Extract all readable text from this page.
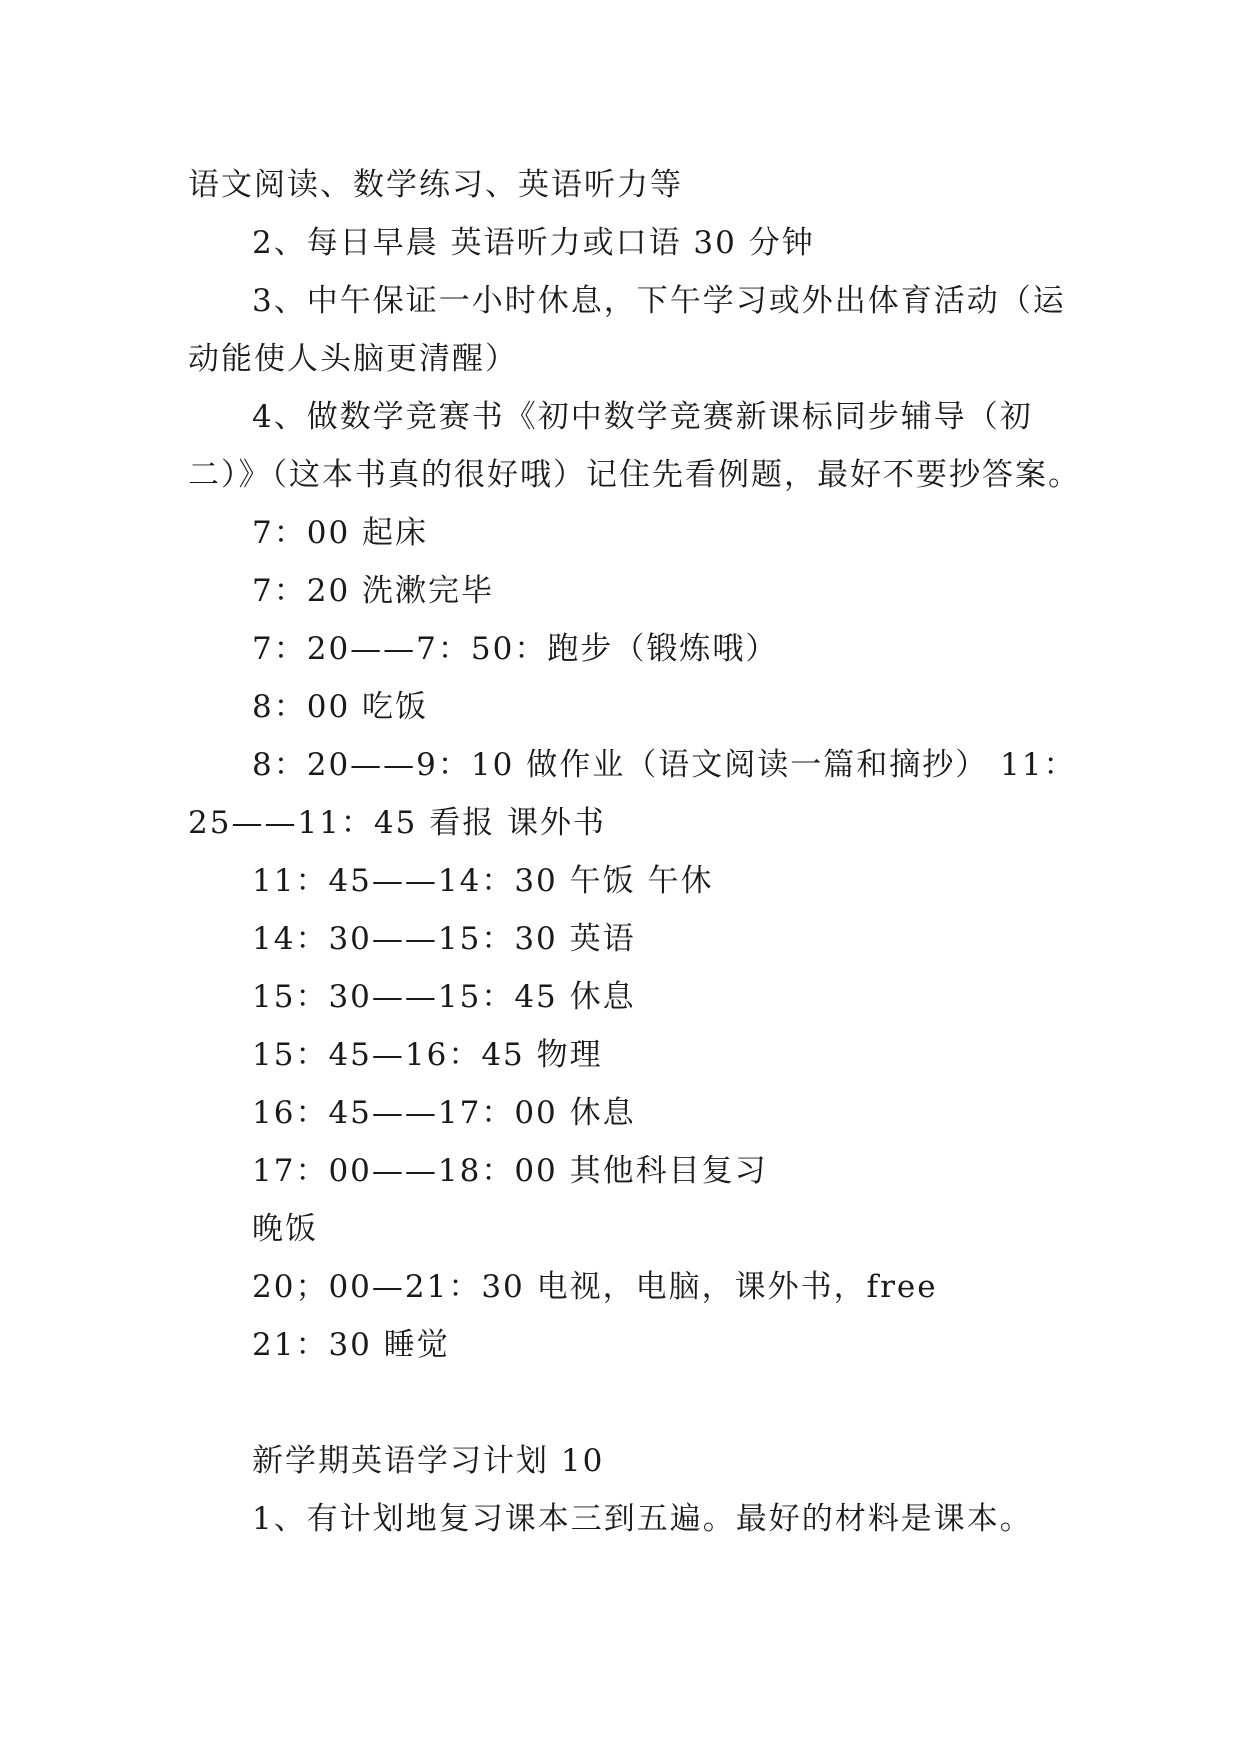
语文阅读、数学练习、英语听力等
2、每日早晨 英语听力或口语 30 分钟
3、中午保证一小时休息，下午学习或外出体育活动（运
动能使人头脑更清醒）
4、做数学竞赛书《初中数学竞赛新课标同步辅导（初
二）》（这本书真的很好哦）记住先看例题，最好不要抄答案。
7：00 起床
7：20 洗漱完毕
7：20——7：50：跑步（锻炼哦）
8：00 吃饭
8：20——9：10 做作业（语文阅读一篇和摘抄） 11：
25——11：45 看报 课外书
11：45——14：30 午饭 午休
14：30——15：30 英语
15：30——15：45 休息
15：45—16：45 物理
16：45——17：00 休息
17：00——18：00 其他科目复习
晚饭
20；00—21：30 电视，电脑，课外书，free
21：30 睡觉
新学期英语学习计划 10
1、有计划地复习课本三到五遍。最好的材料是课本。
